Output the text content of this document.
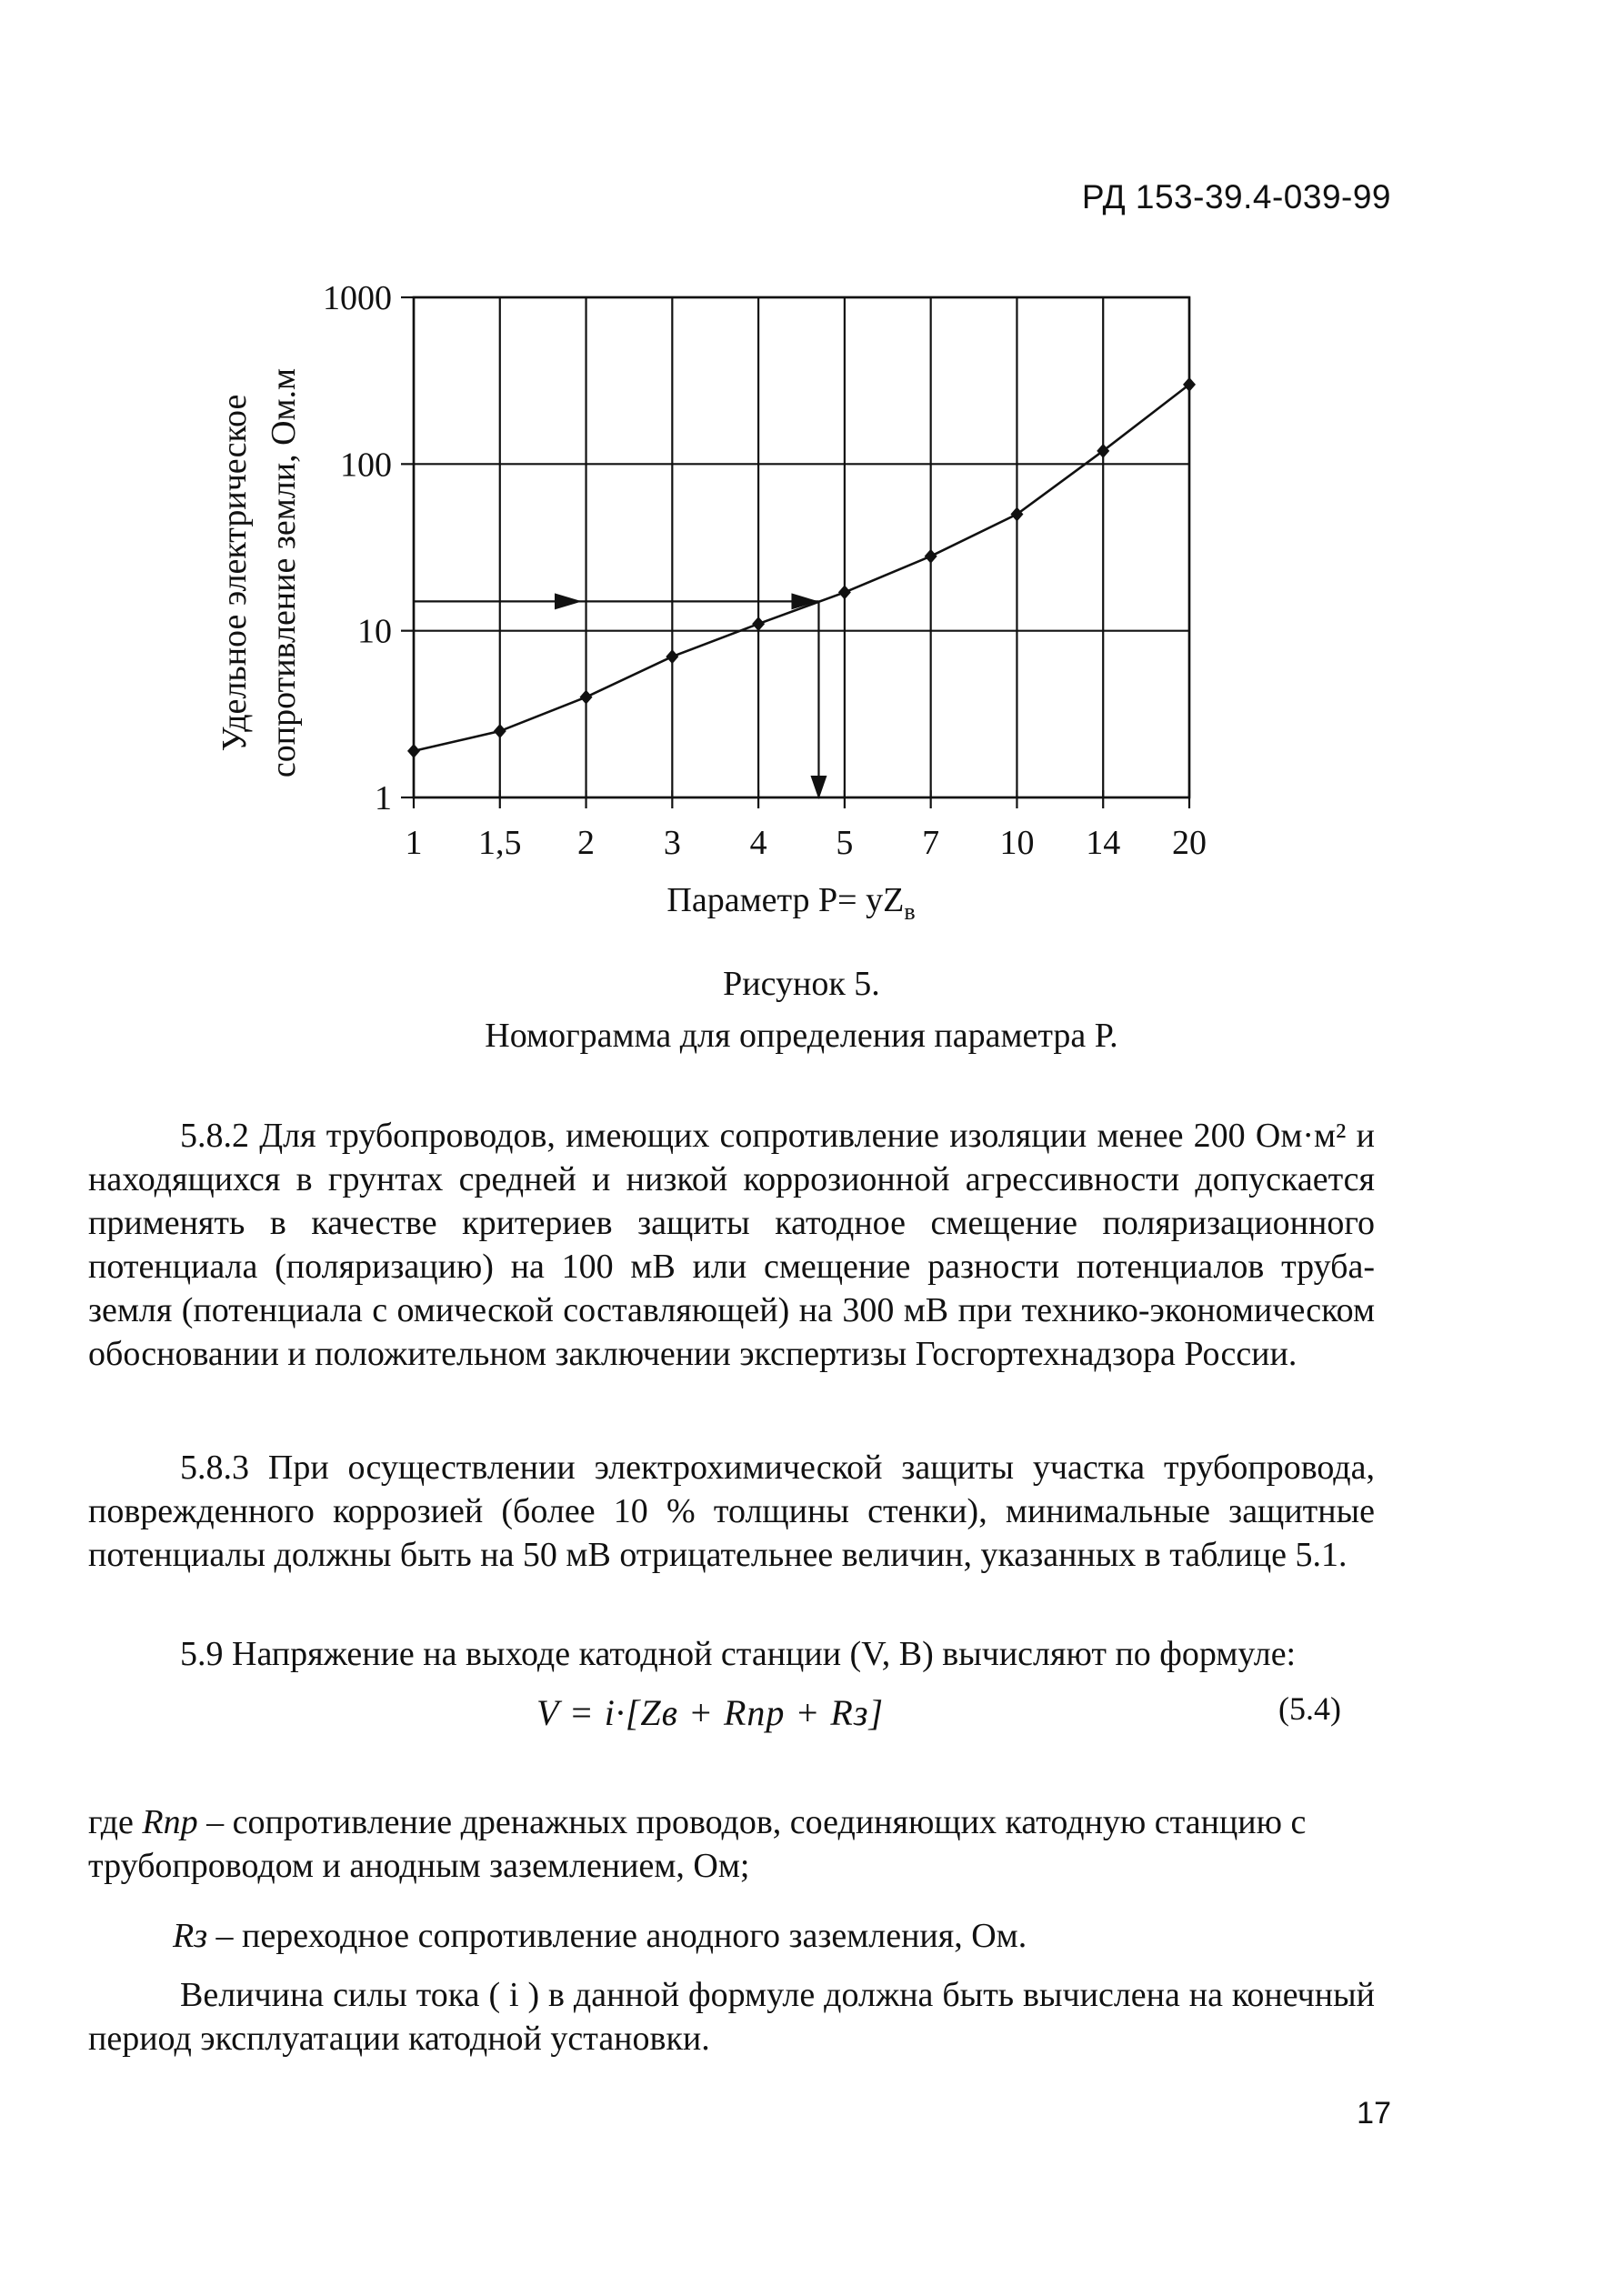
РД 153-39.4-039-99
1
10
100
1000
1 1,5 2 3 4 5 7 10 14 20
Удельное электрическое сопротивление земли, Ом.м
Параметр $Р= yZ_в$
Рисунок 5.
Номограмма для определения параметра Р.

5.8.2 Для трубопроводов, имеющих сопротивление изоляции менее 200 Ом·м² и находящихся в грунтах средней и низкой коррозионной агрессивности допускается применять в качестве критериев защиты катодное смещение поляризационного потенциала (поляризацию) на 100 мВ или смещение разности потенциалов труба-земля (потенциала с омической составляющей) на 300 мВ при технико-экономическом обосновании и положительном заключении экспертизы Госгортехнадзора России.

5.8.3 При осуществлении электрохимической защиты участка трубопровода, поврежденного коррозией (более 10 % толщины стенки), минимальные защитные потенциалы должны быть на 50 мВ отрицательнее величин, указанных в таблице 5.1.

5.9 Напряжение на выходе катодной станции (V, В) вычисляют по формуле:

V = i·[Zв + Rпр + Rз]	(5.4)
где Rпр – сопротивление дренажных проводов, соединяющих катодную станцию с трубопроводом и анодным заземлением, Ом;
Rз – переходное сопротивление анодного заземления, Ом.

Величина силы тока ( i ) в данной формуле должна быть вычислена на конечный период эксплуатации катодной установки.

17
